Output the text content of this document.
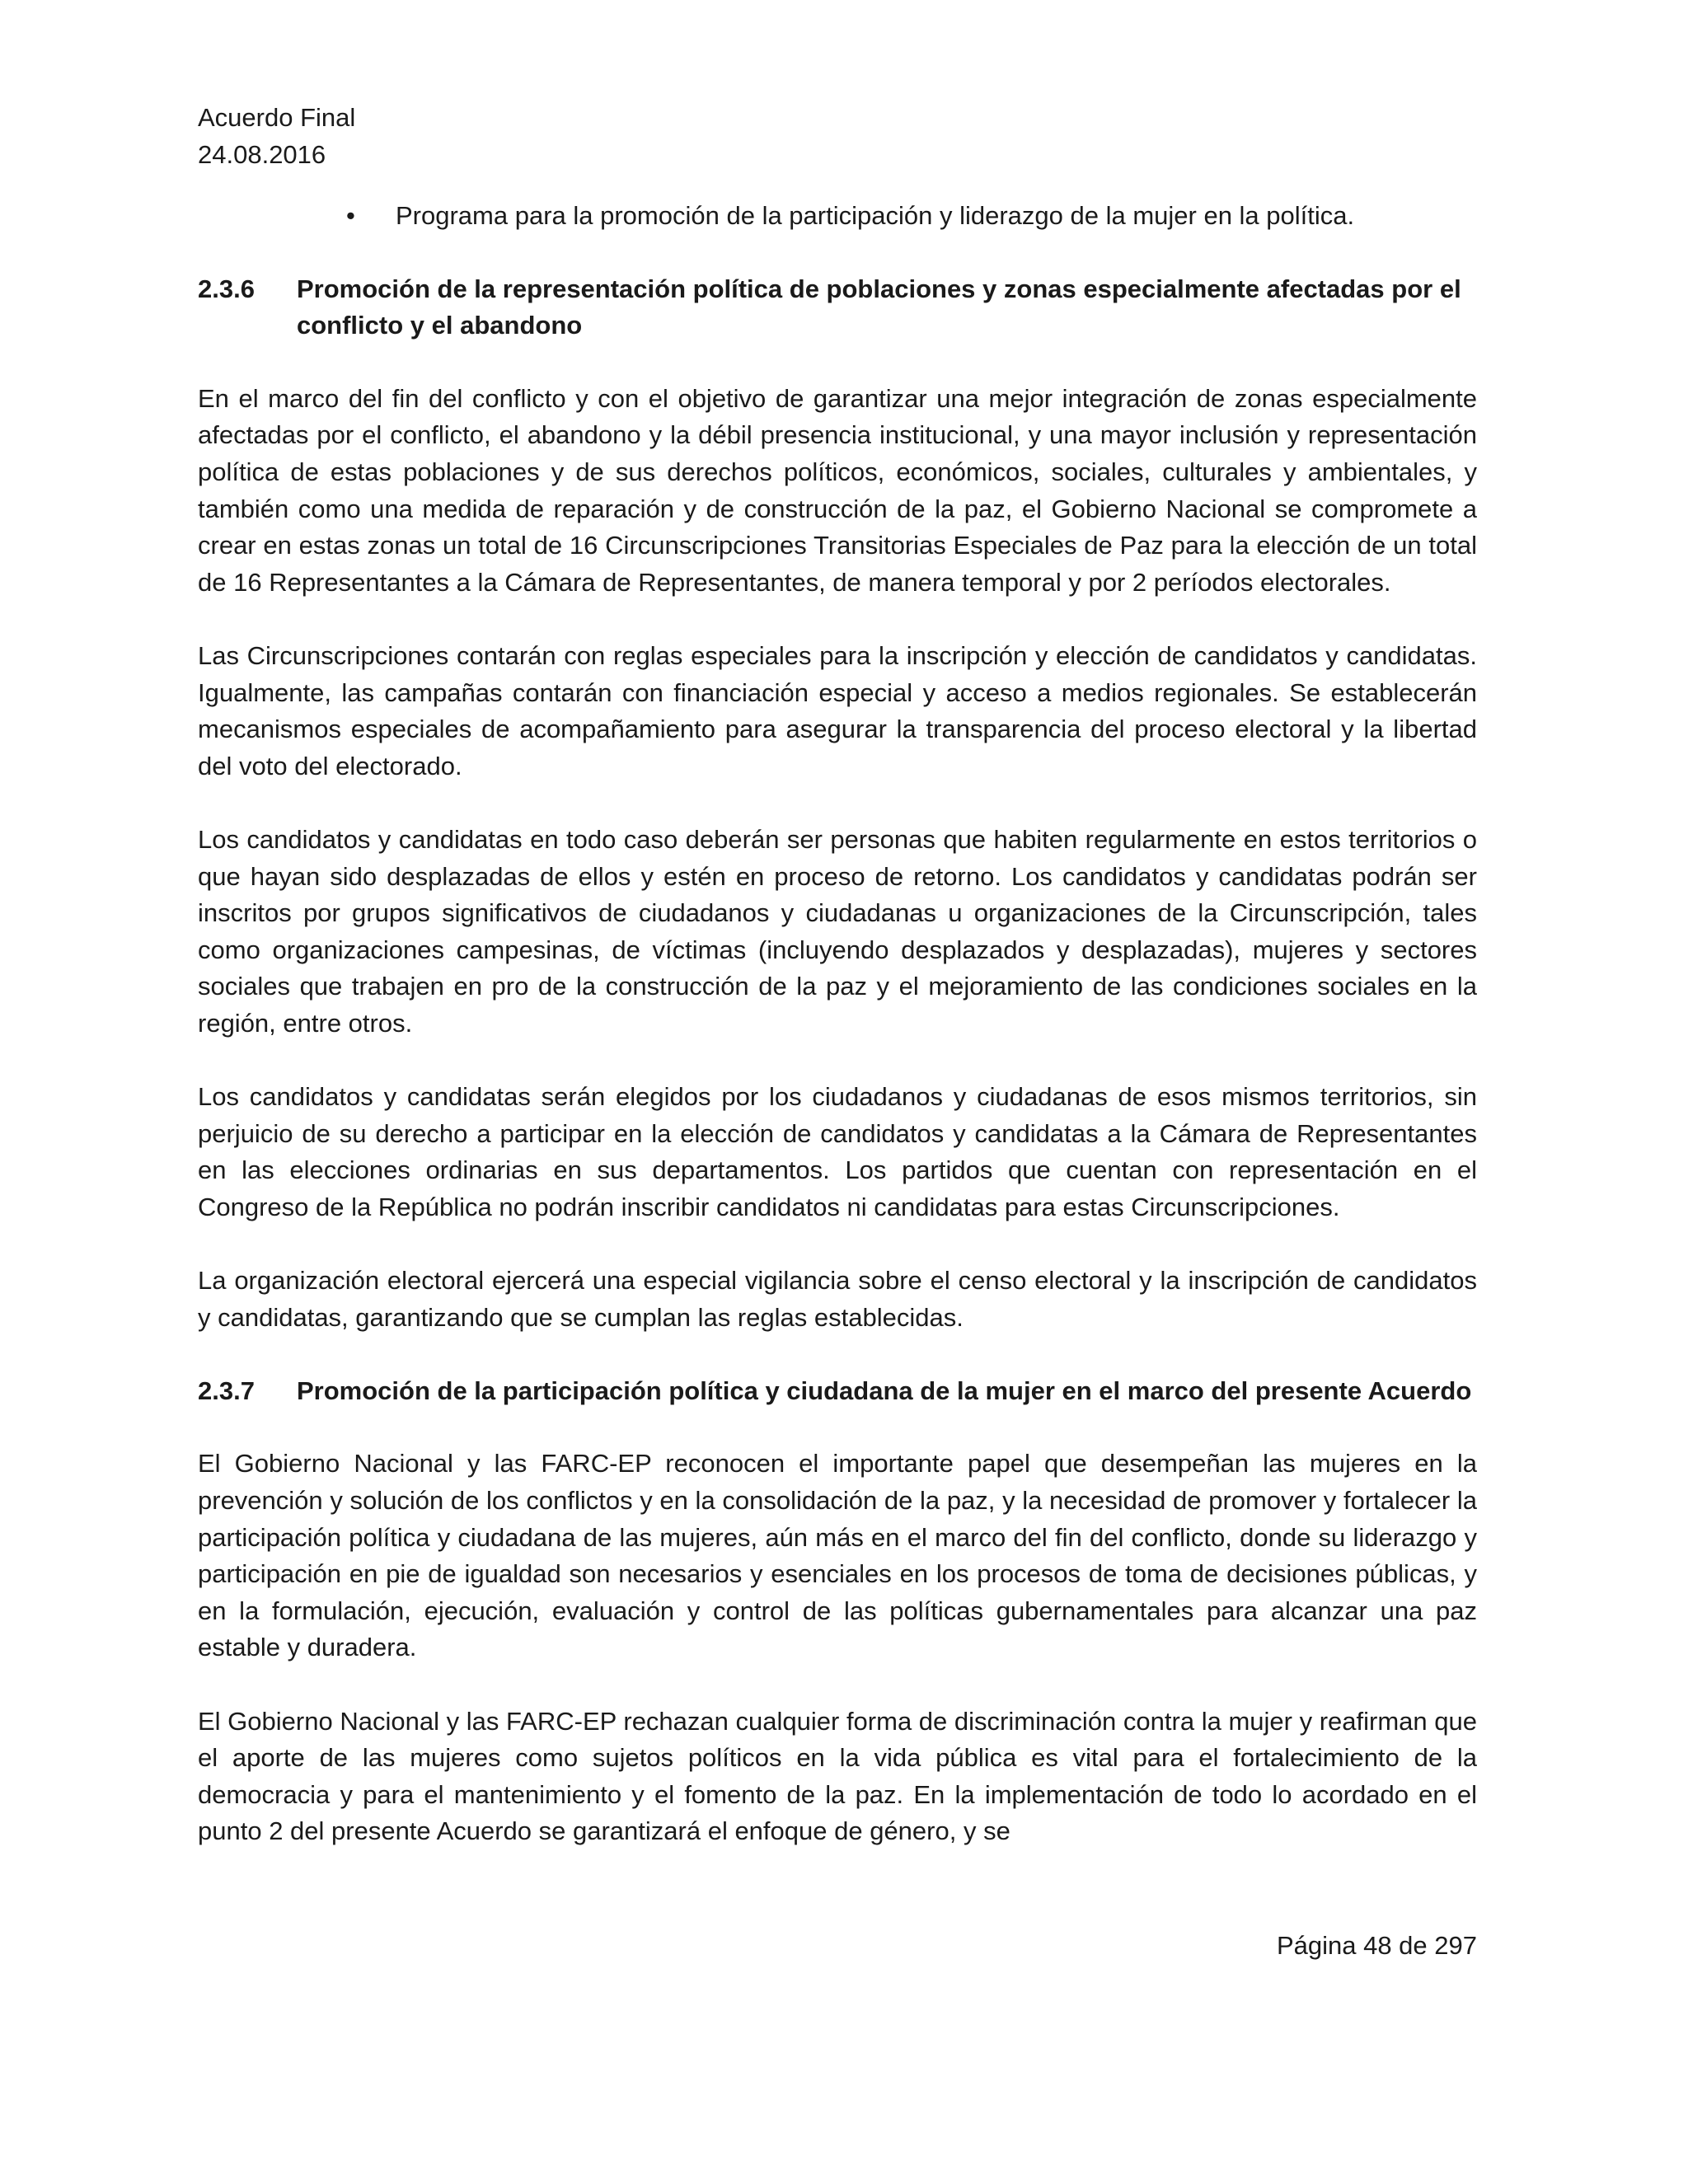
Acuerdo Final
24.08.2016
• Programa para la promoción de la participación y liderazgo de la mujer en la política.
2.3.6	Promoción de la representación política de poblaciones y zonas especialmente afectadas por el conflicto y el abandono

En el marco del fin del conflicto y con el objetivo de garantizar una mejor integración de zonas especialmente afectadas por el conflicto, el abandono y la débil presencia institucional, y una mayor inclusión y representación política de estas poblaciones y de sus derechos políticos, económicos, sociales, culturales y ambientales, y también como una medida de reparación y de construcción de la paz, el Gobierno Nacional se compromete a crear en estas zonas un total de 16 Circunscripciones Transitorias Especiales de Paz para la elección de un total de 16 Representantes a la Cámara de Representantes, de manera temporal y por 2 períodos electorales.

Las Circunscripciones contarán con reglas especiales para la inscripción y elección de candidatos y candidatas. Igualmente, las campañas contarán con financiación especial y acceso a medios regionales. Se establecerán mecanismos especiales de acompañamiento para asegurar la transparencia del proceso electoral y la libertad del voto del electorado.

Los candidatos y candidatas en todo caso deberán ser personas que habiten regularmente en estos territorios o que hayan sido desplazadas de ellos y estén en proceso de retorno. Los candidatos y candidatas podrán ser inscritos por grupos significativos de ciudadanos y ciudadanas u organizaciones de la Circunscripción, tales como organizaciones campesinas, de víctimas (incluyendo desplazados y desplazadas), mujeres y sectores sociales que trabajen en pro de la construcción de la paz y el mejoramiento de las condiciones sociales en la región, entre otros.

Los candidatos y candidatas serán elegidos por los ciudadanos y ciudadanas de esos mismos territorios, sin perjuicio de su derecho a participar en la elección de candidatos y candidatas a la Cámara de Representantes en las elecciones ordinarias en sus departamentos. Los partidos que cuentan con representación en el Congreso de la República no podrán inscribir candidatos ni candidatas para estas Circunscripciones.

La organización electoral ejercerá una especial vigilancia sobre el censo electoral y la inscripción de candidatos y candidatas, garantizando que se cumplan las reglas establecidas.

2.3.7	Promoción de la participación política y ciudadana de la mujer en el marco del presente Acuerdo

El Gobierno Nacional y las FARC-EP reconocen el importante papel que desempeñan las mujeres en la prevención y solución de los conflictos y en la consolidación de la paz, y la necesidad de promover y fortalecer la participación política y ciudadana de las mujeres, aún más en el marco del fin del conflicto, donde su liderazgo y participación en pie de igualdad son necesarios y esenciales en los procesos de toma de decisiones públicas, y en la formulación, ejecución, evaluación y control de las políticas gubernamentales para alcanzar una paz estable y duradera.

El Gobierno Nacional y las FARC-EP rechazan cualquier forma de discriminación contra la mujer y reafirman que el aporte de las mujeres como sujetos políticos en la vida pública es vital para el fortalecimiento de la democracia y para el mantenimiento y el fomento de la paz. En la implementación de todo lo acordado en el punto 2 del presente Acuerdo se garantizará el enfoque de género, y se

Página 48 de 297
